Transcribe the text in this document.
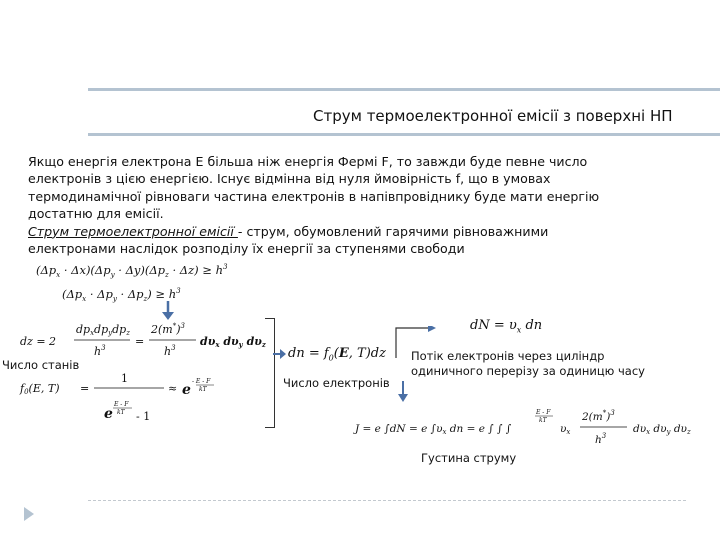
Струм термоелектронної емісії з поверхні НП

Якщо енергія електрона E більша ніж енергія Фермі F, то завжди буде певне число

електронів з цією енергією. Існує відмінна від нуля ймовірність f, що в умовах

термодинамічної рівноваги частина електронів в напівпровіднику буде мати енергію

достатню для емісії.

Струм термоелектронної емісії - струм, обумовлений гарячими рівноважними

електронами наслідок розподілу їх енергії за ступенями свободи

$(\Delta p_x \cdot \Delta x)(\Delta p_y \cdot \Delta y)(\Delta p_z \cdot \Delta z) \ge h^3$
$(\Delta p_x \cdot \Delta p_y \cdot \Delta p_z) \ge h^3$
dz = 2
dpxdpydpz
$h^3$	=
$2(m^*)^3$
$h^3$ dυx dυy dυz
Число станів
f0(E, T) =
1
e
E - F
kT - 1
≈ e
- E - F
kT
dn = $f_0(E$, T)dz
Число електронів
dN = $\upsilon_x$ dn
Потік електронів через циліндр
одиничного перерізу за одиницю часу
J = e ∫dN = e ∫υx dn = e ∫ ∫ ∫
E - F
kT
υx
$2(m^*)^3$
$h^3$
dυx dυy dυz
Густина струму
